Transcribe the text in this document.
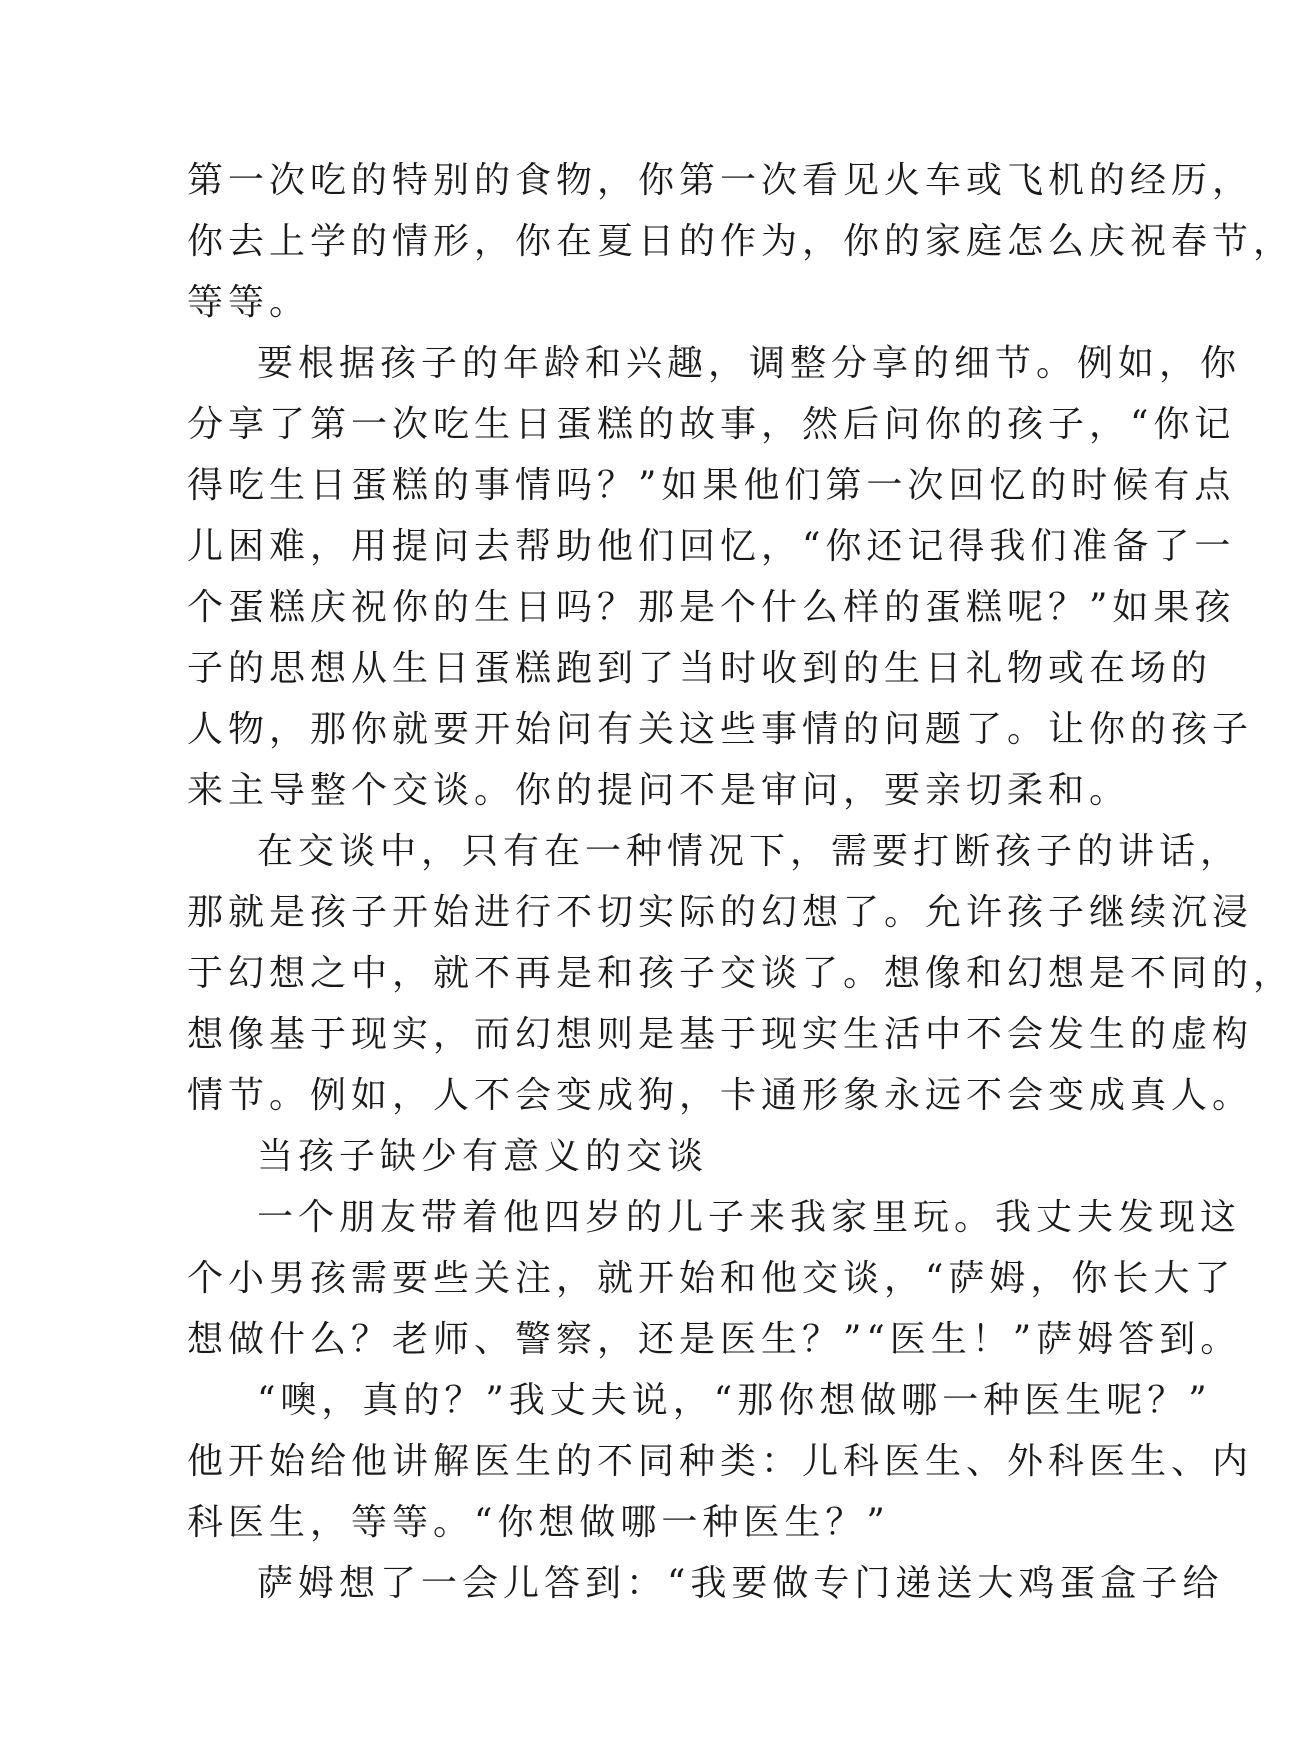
第一次吃的特别的食物，你第一次看见火车或飞机的经历，
你去上学的情形，你在夏日的作为，你的家庭怎么庆祝春节，
等等。
要根据孩子的年龄和兴趣，调整分享的细节。例如，你
分享了第一次吃生日蛋糕的故事，然后问你的孩子，“你记
得吃生日蛋糕的事情吗？”如果他们第一次回忆的时候有点
儿困难，用提问去帮助他们回忆，“你还记得我们准备了一
个蛋糕庆祝你的生日吗？那是个什么样的蛋糕呢？”如果孩
子的思想从生日蛋糕跑到了当时收到的生日礼物或在场的
人物，那你就要开始问有关这些事情的问题了。让你的孩子
来主导整个交谈。你的提问不是审问，要亲切柔和。
在交谈中，只有在一种情况下，需要打断孩子的讲话，
那就是孩子开始进行不切实际的幻想了。允许孩子继续沉浸
于幻想之中，就不再是和孩子交谈了。想像和幻想是不同的，
想像基于现实，而幻想则是基于现实生活中不会发生的虚构
情节。例如，人不会变成狗，卡通形象永远不会变成真人。
当孩子缺少有意义的交谈
一个朋友带着他四岁的儿子来我家里玩。我丈夫发现这
个小男孩需要些关注，就开始和他交谈，“萨姆，你长大了
想做什么？老师、警察，还是医生？”“医生！”萨姆答到。
“噢，真的？”我丈夫说，“那你想做哪一种医生呢？”
他开始给他讲解医生的不同种类：儿科医生、外科医生、内
科医生，等等。“你想做哪一种医生？”
萨姆想了一会儿答到：“我要做专门递送大鸡蛋盒子给
